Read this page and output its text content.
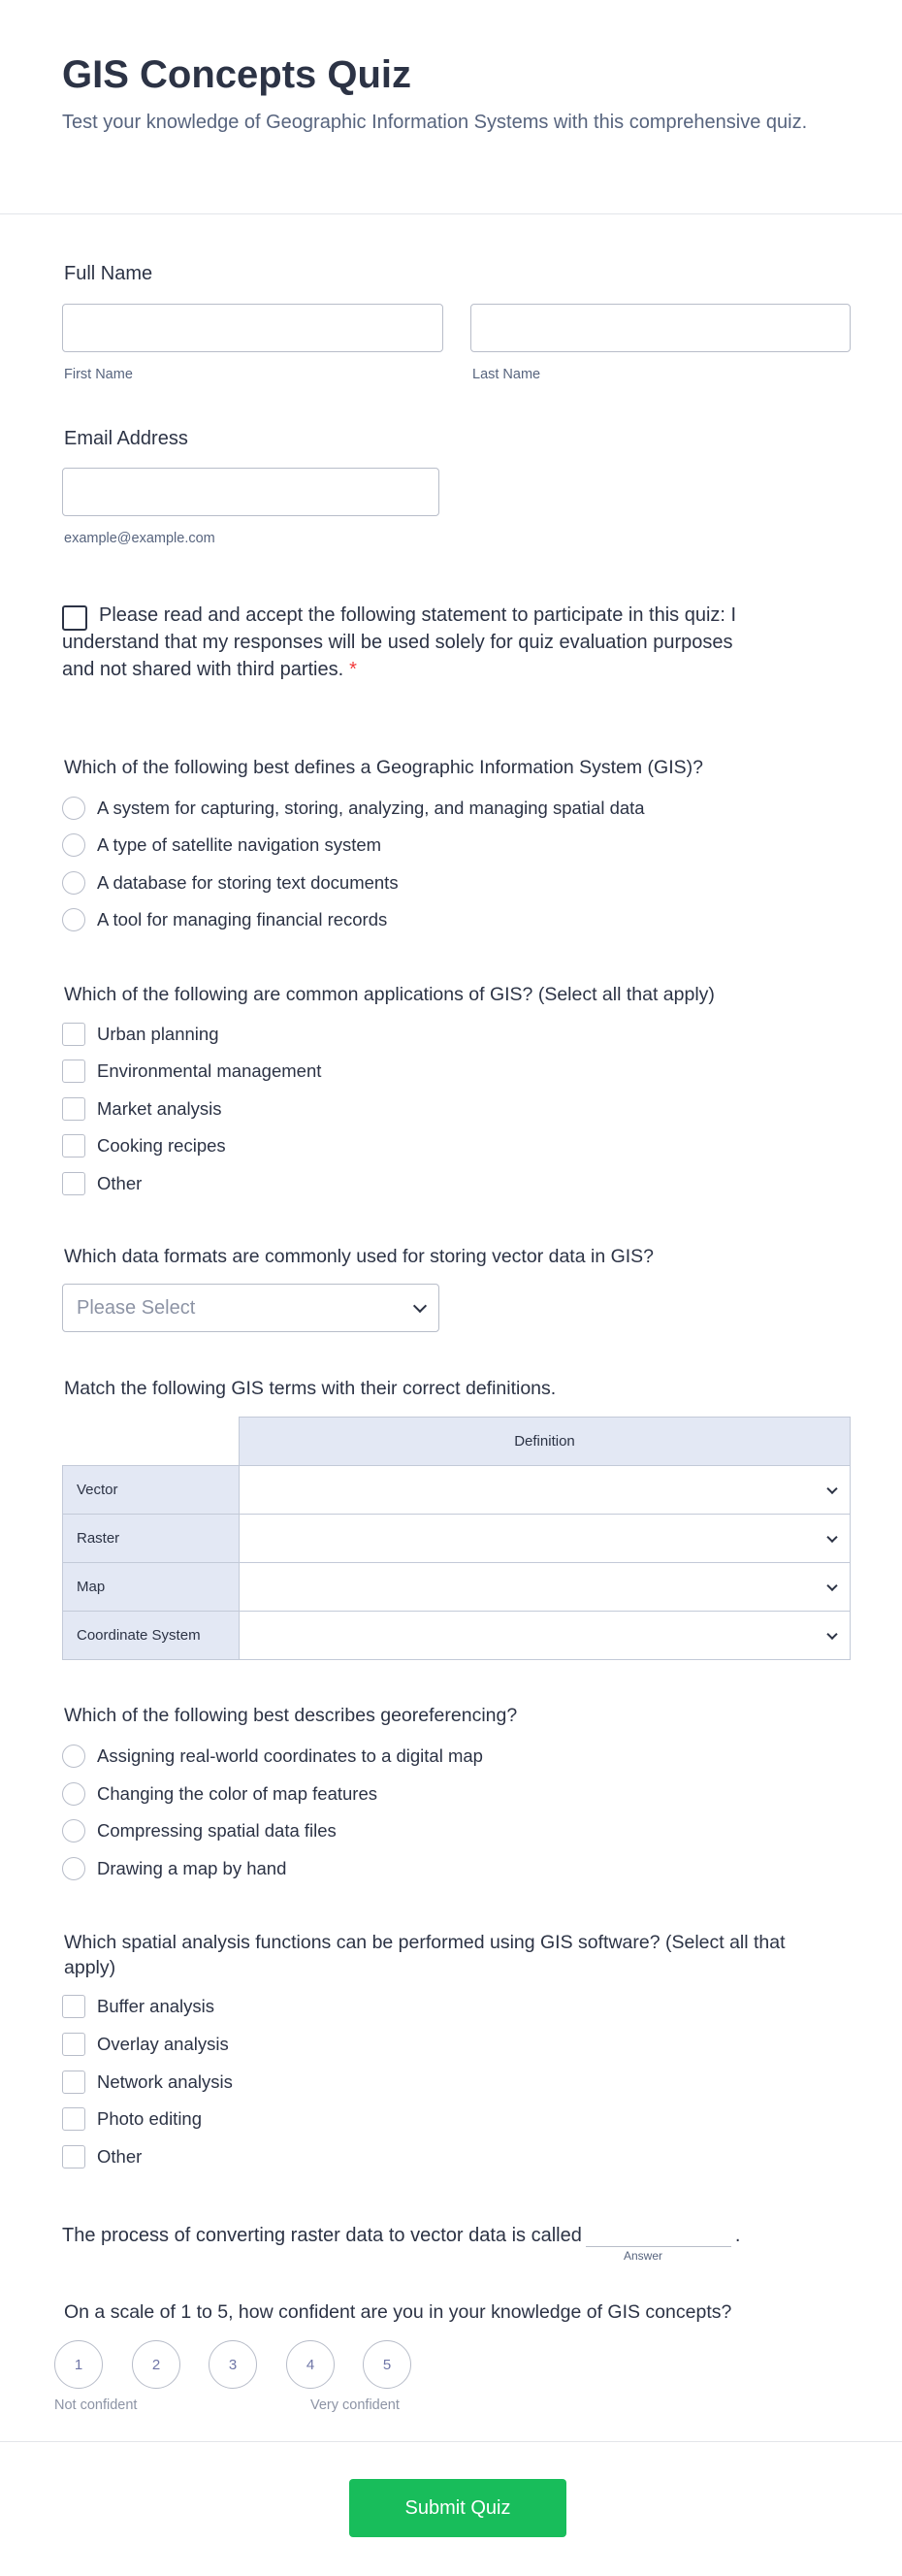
GIS Concepts Quiz

Test your knowledge of Geographic Information Systems with this comprehensive quiz.

Full Name
First Name	Last Name
Email Address
example@example.com
Please read and accept the following statement to participate in this quiz: I understand that my responses will be used solely for quiz evaluation purposes and not shared with third parties. *
Which of the following best defines a Geographic Information System (GIS)?
A system for capturing, storing, analyzing, and managing spatial data
A type of satellite navigation system
A database for storing text documents
A tool for managing financial records
Which of the following are common applications of GIS? (Select all that apply)
Urban planning
Environmental management
Market analysis
Cooking recipes
Other
Which data formats are commonly used for storing vector data in GIS?
Please Select
Match the following GIS terms with their correct definitions.
	Definition
Vector	

Raster	

Map	

Coordinate System	
Which of the following best describes georeferencing?
Assigning real-world coordinates to a digital map
Changing the color of map features
Compressing spatial data files
Drawing a map by hand
Which spatial analysis functions can be performed using GIS software? (Select all that apply)
Buffer analysis
Overlay analysis
Network analysis
Photo editing
Other
The process of converting raster data to vector data is called	.
Answer
On a scale of 1 to 5, how confident are you in your knowledge of GIS concepts?
1	2	3	4	5
Not confident	Very confident
Submit Quiz
